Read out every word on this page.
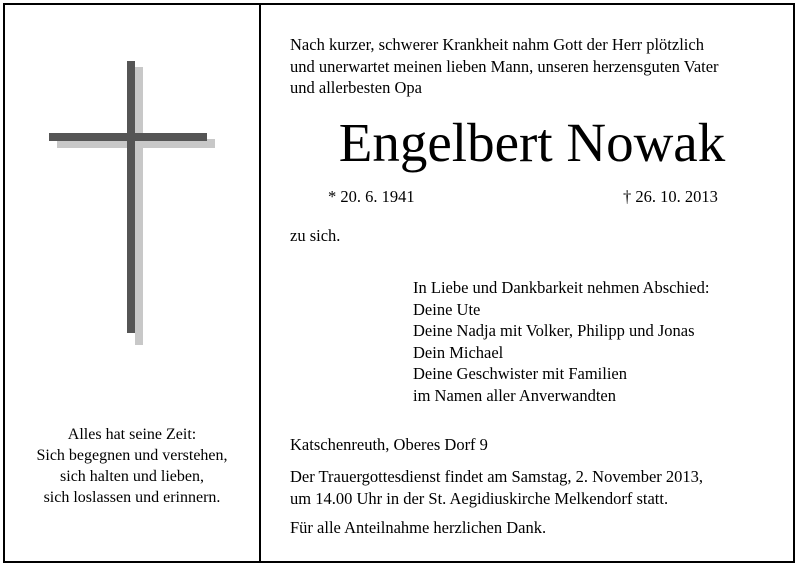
Alles hat seine Zeit:
Sich begegnen und verstehen,
sich halten und lieben,
sich loslassen und erinnern.
Nach kurzer, schwerer Krankheit nahm Gott der Herr plötzlich
und unerwartet meinen lieben Mann, unseren herzensguten Vater
und allerbesten Opa
Engelbert Nowak
* 20. 6. 1941	† 26. 10. 2013
zu sich.
In Liebe und Dankbarkeit nehmen Abschied:
Deine Ute
Deine Nadja mit Volker, Philipp und Jonas
Dein Michael
Deine Geschwister mit Familien
im Namen aller Anverwandten
Katschenreuth, Oberes Dorf 9
Der Trauergottesdienst findet am Samstag, 2. November 2013,
um 14.00 Uhr in der St. Aegidiuskirche Melkendorf statt.
Für alle Anteilnahme herzlichen Dank.
